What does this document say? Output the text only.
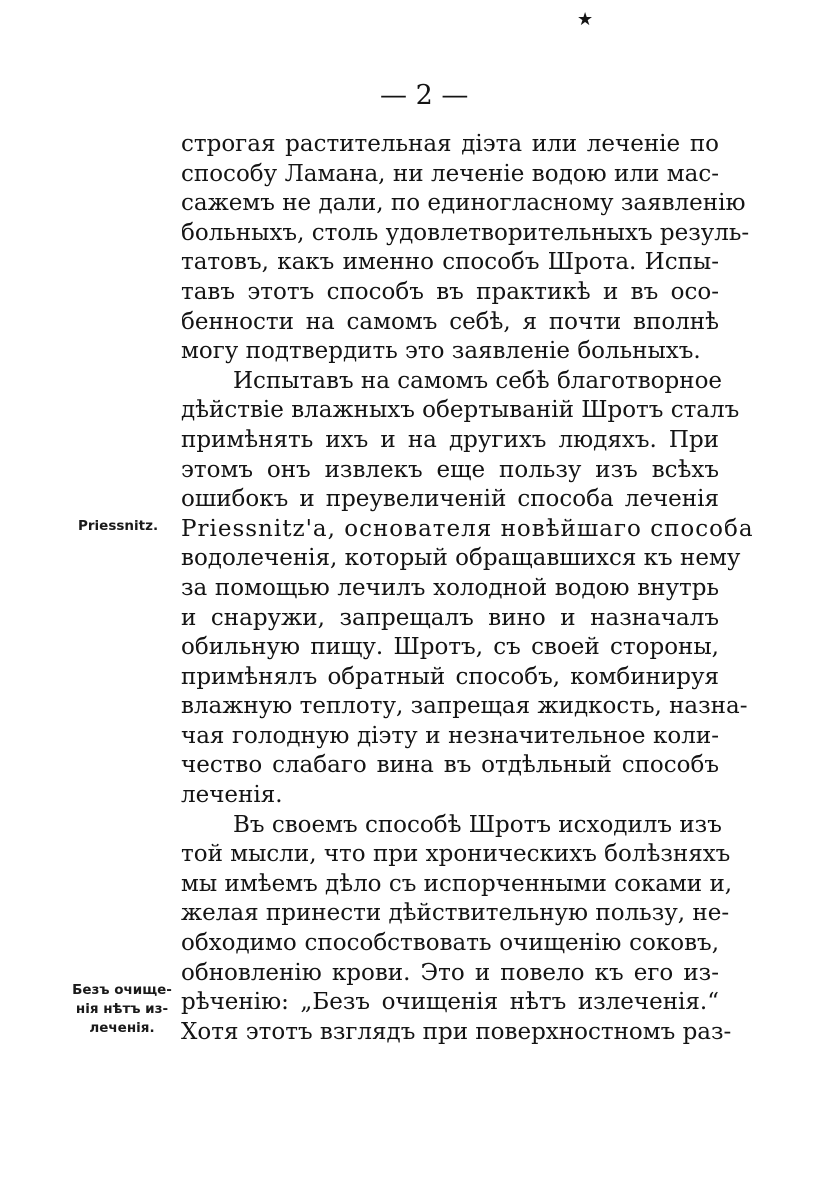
★
— 2 —
Priessnitz.
Безъ очище-
нія нѣтъ из-
леченія.
строгая растительная діэта или леченіе по
способу Ламана, ни леченіе водою или мас-
сажемъ не дали, по единогласному заявленію
больныхъ, столь удовлетворительныхъ резуль-
татовъ, какъ именно способъ Шрота. Испы-
тавъ этотъ способъ въ практикѣ и въ осо-
бенности на самомъ себѣ, я почти вполнѣ
могу подтвердить это заявленіе больныхъ.
Испытавъ на самомъ себѣ благотворное
дѣйствіе влажныхъ обертываній Шротъ сталъ
примѣнять ихъ и на другихъ людяхъ. При
этомъ онъ извлекъ еще пользу изъ всѣхъ
ошибокъ и преувеличеній способа леченія
Priessnitz'а, основателя новѣйшаго способа
водолеченія, который обращавшихся къ нему
за помощью лечилъ холодной водою внутрь
и снаружи, запрещалъ вино и назначалъ
обильную пищу. Шротъ, съ своей стороны,
примѣнялъ обратный способъ, комбинируя
влажную теплоту, запрещая жидкость, назна-
чая голодную діэту и незначительное коли-
чество слабаго вина въ отдѣльный способъ
леченія.
Въ своемъ способѣ Шротъ исходилъ изъ
той мысли, что при хроническихъ болѣзняхъ
мы имѣемъ дѣло съ испорченными соками и,
желая принести дѣйствительную пользу, не-
обходимо способствовать очищенію соковъ,
обновленію крови. Это и повело къ его из-
рѣченію: „Безъ очищенія нѣтъ излеченія.“
Хотя этотъ взглядъ при поверхностномъ раз-
